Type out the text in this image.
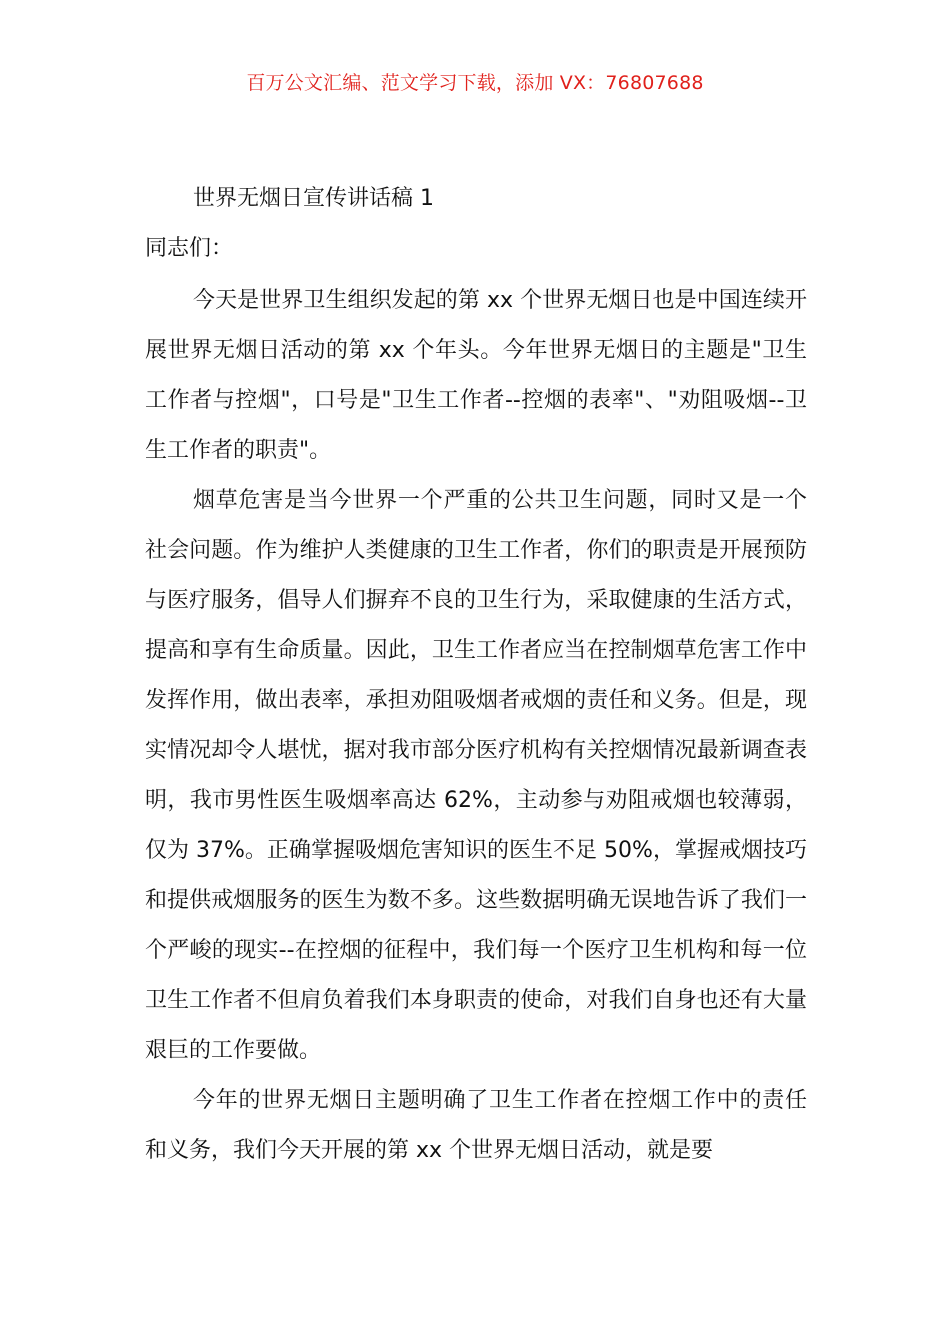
百万公文汇编、范文学习下载，添加 VX：76807688
世界无烟日宣传讲话稿 1
同志们：

今天是世界卫生组织发起的第 xx 个世界无烟日也是中国连续开展世界无烟日活动的第 xx 个年头。今年世界无烟日的主题是"卫生工作者与控烟"，口号是"卫生工作者--控烟的表率"、"劝阻吸烟--卫生工作者的职责"。

烟草危害是当今世界一个严重的公共卫生问题，同时又是一个社会问题。作为维护人类健康的卫生工作者，你们的职责是开展预防与医疗服务，倡导人们摒弃不良的卫生行为，采取健康的生活方式，提高和享有生命质量。因此，卫生工作者应当在控制烟草危害工作中发挥作用，做出表率，承担劝阻吸烟者戒烟的责任和义务。但是，现实情况却令人堪忧，据对我市部分医疗机构有关控烟情况最新调查表明，我市男性医生吸烟率高达 62%，主动参与劝阻戒烟也较薄弱，仅为 37%。正确掌握吸烟危害知识的医生不足 50%，掌握戒烟技巧和提供戒烟服务的医生为数不多。这些数据明确无误地告诉了我们一个严峻的现实--在控烟的征程中，我们每一个医疗卫生机构和每一位卫生工作者不但肩负着我们本身职责的使命，对我们自身也还有大量艰巨的工作要做。

今年的世界无烟日主题明确了卫生工作者在控烟工作中的责任和义务，我们今天开展的第 xx 个世界无烟日活动，就是要
